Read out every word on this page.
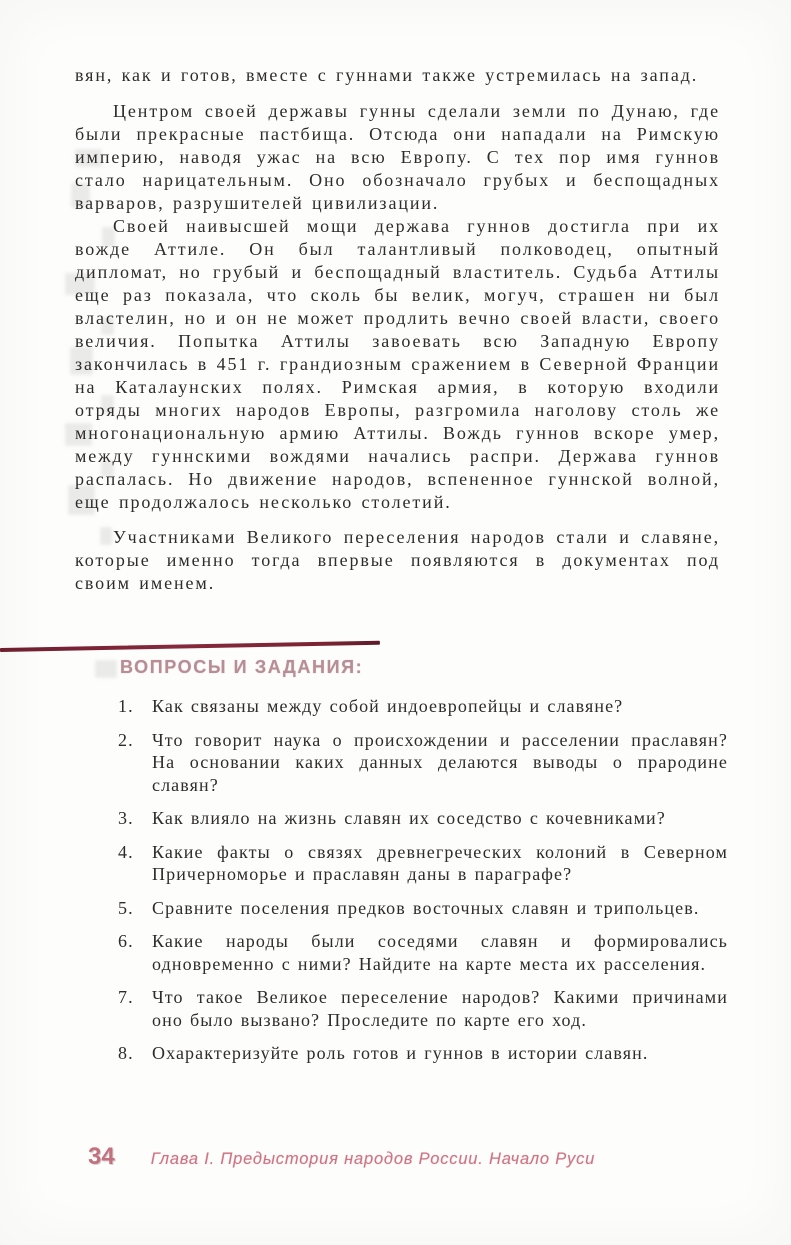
вян, как и готов, вместе с гуннами также устремилась на запад.

Центром своей державы гунны сделали земли по Дунаю, где были прекрасные пастбища. Отсюда они нападали на Римскую империю, наводя ужас на всю Европу. С тех пор имя гуннов стало нарицательным. Оно обозначало грубых и беспощадных варваров, разрушителей цивилизации.

Своей наивысшей мощи держава гуннов достигла при их вожде Аттиле. Он был талантливый полководец, опытный дипломат, но грубый и беспощадный властитель. Судьба Аттилы еще раз показала, что сколь бы велик, могуч, страшен ни был властелин, но и он не может продлить вечно своей власти, своего величия. Попытка Аттилы завоевать всю Западную Европу закончилась в 451 г. грандиозным сражением в Северной Франции на Каталаунских полях. Римская армия, в которую входили отряды многих народов Европы, разгромила наголову столь же многонациональную армию Аттилы. Вождь гуннов вскоре умер, между гуннскими вождями начались распри. Держава гуннов распалась. Но движение народов, вспененное гуннской волной, еще продолжалось несколько столетий.

Участниками Великого переселения народов стали и славяне, которые именно тогда впервые появляются в документах под своим именем.

ВОПРОСЫ И ЗАДАНИЯ:
1.	Как связаны между собой индоевропейцы и славяне?
2.	Что говорит наука о происхождении и расселении праславян? На основании каких данных делаются выводы о прародине славян?
3.	Как влияло на жизнь славян их соседство с кочевниками?
4.	Какие факты о связях древнегреческих колоний в Северном Причерноморье и праславян даны в параграфе?
5.	Сравните поселения предков восточных славян и трипольцев.
6.	Какие народы были соседями славян и формировались одновременно с ними? Найдите на карте места их расселения.
7.	Что такое Великое переселение народов? Какими причинами оно было вызвано? Проследите по карте его ход.
8.	Охарактеризуйте роль готов и гуннов в истории славян.
34 Глава I. Предыстория народов России. Начало Руси
